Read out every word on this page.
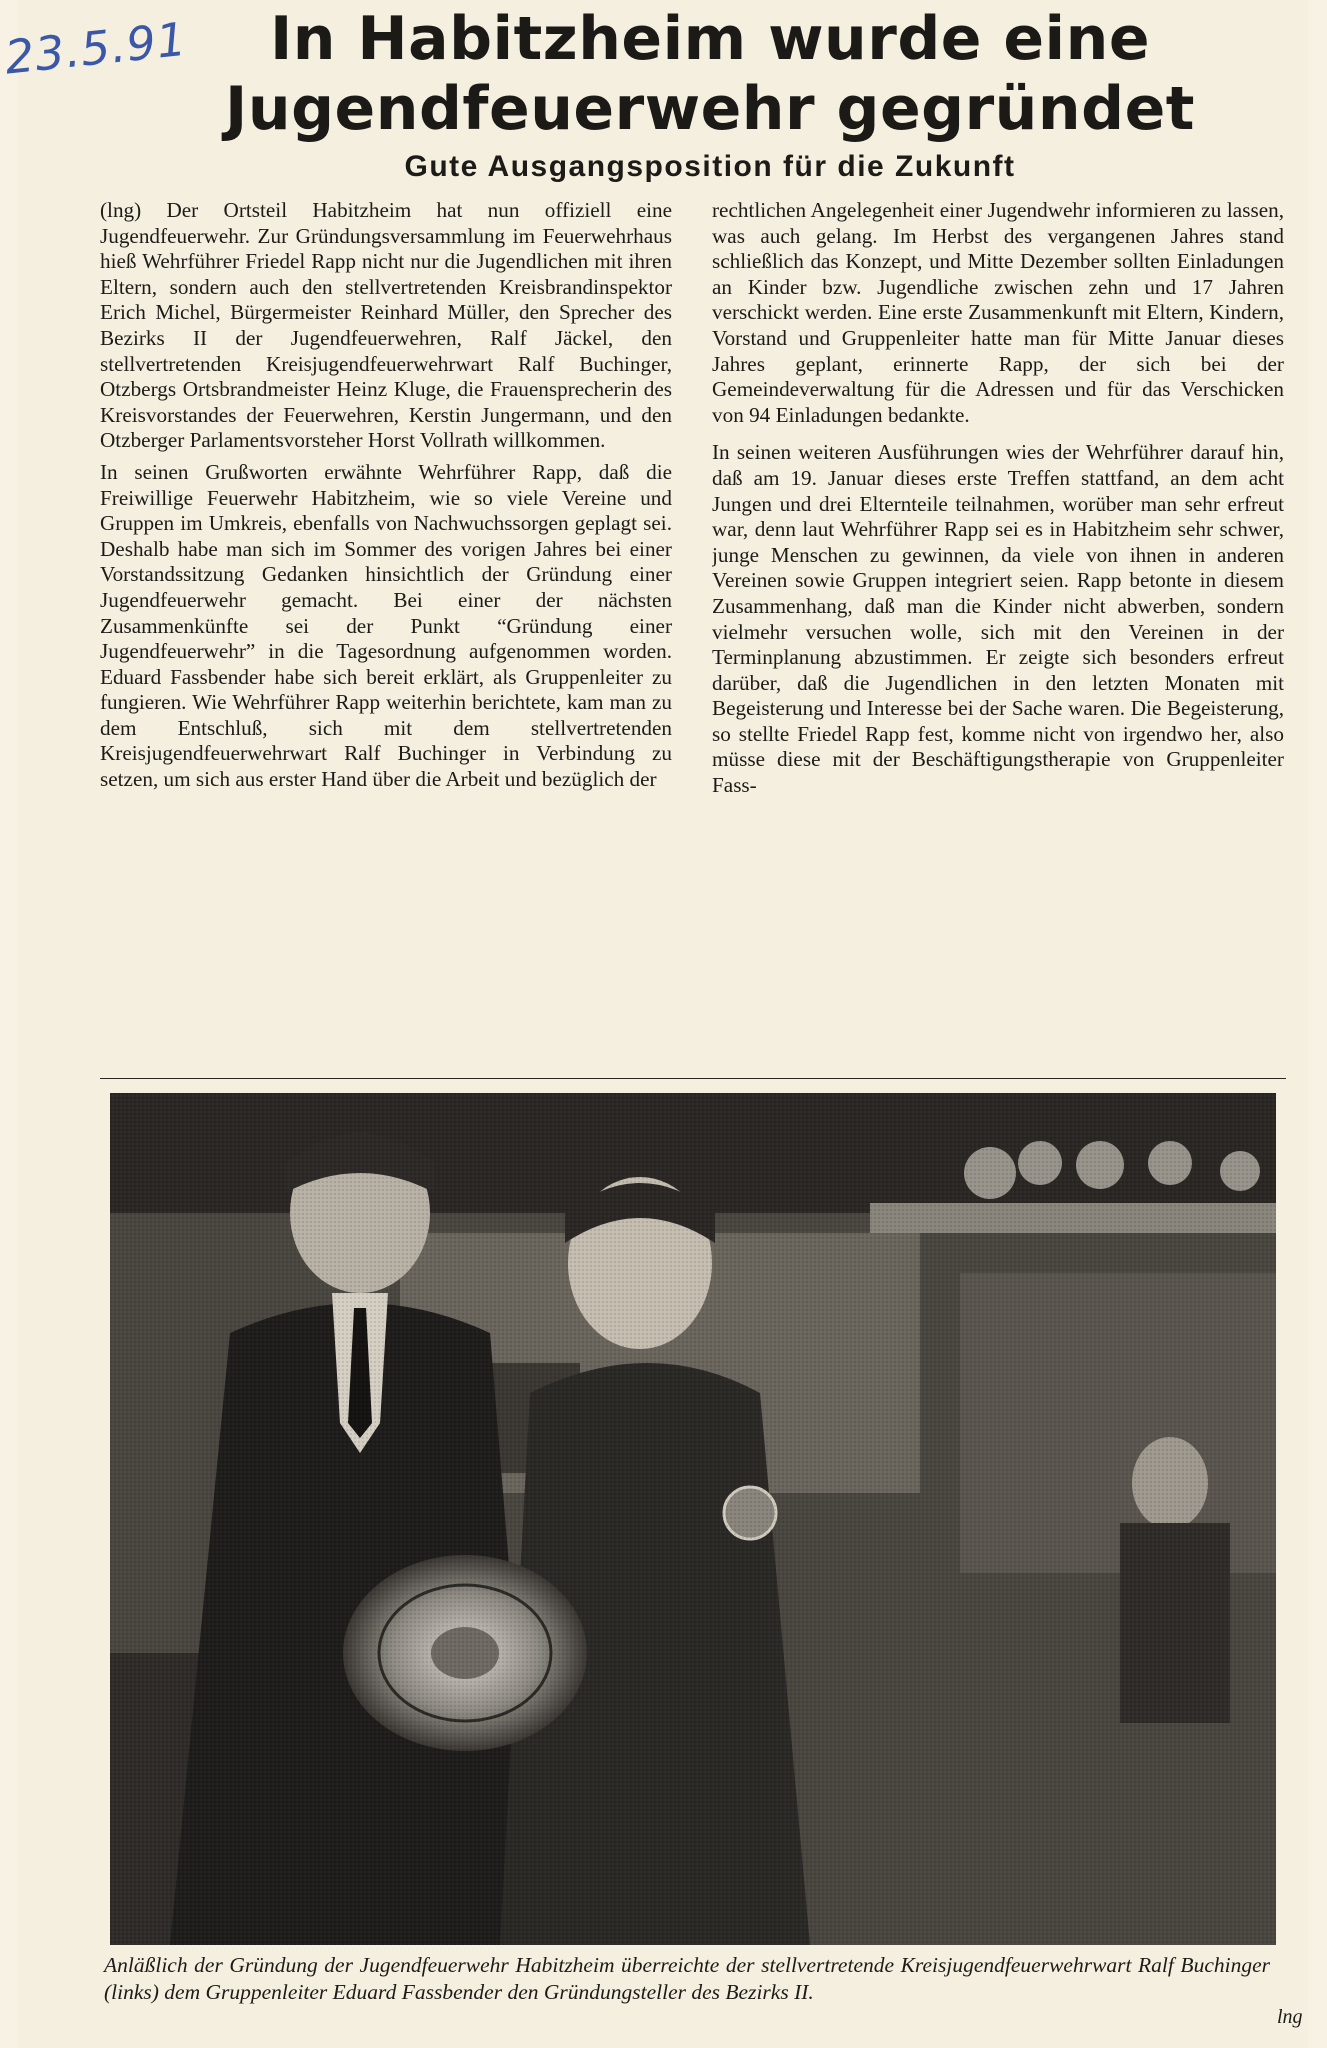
23.5.91	In Habitzheim wurde eine Jugendfeuerwehr gegründet
Gute Ausgangsposition für die Zukunft

(lng) Der Ortsteil Habitzheim hat nun offiziell eine Jugendfeuerwehr. Zur Gründungsversammlung im Feuerwehrhaus hieß Wehrführer Friedel Rapp nicht nur die Jugendlichen mit ihren Eltern, sondern auch den stellvertretenden Kreisbrandinspektor Erich Michel, Bürgermeister Reinhard Müller, den Sprecher des Bezirks II der Jugendfeuerwehren, Ralf Jäckel, den stellvertretenden Kreisjugendfeuerwehrwart Ralf Buchinger, Otzbergs Ortsbrandmeister Heinz Kluge, die Frauensprecherin des Kreisvorstandes der Feuerwehren, Kerstin Jungermann, und den Otzberger Parlamentsvorsteher Horst Vollrath willkommen.

In seinen Grußworten erwähnte Wehrführer Rapp, daß die Freiwillige Feuerwehr Habitzheim, wie so viele Vereine und Gruppen im Umkreis, ebenfalls von Nachwuchssorgen geplagt sei. Deshalb habe man sich im Sommer des vorigen Jahres bei einer Vorstandssitzung Gedanken hinsichtlich der Gründung einer Jugendfeuerwehr gemacht. Bei einer der nächsten Zusammenkünfte sei der Punkt “Gründung einer Jugendfeuerwehr” in die Tagesordnung aufgenommen worden. Eduard Fassbender habe sich bereit erklärt, als Gruppenleiter zu fungieren. Wie Wehrführer Rapp weiterhin berichtete, kam man zu dem Entschluß, sich mit dem stellvertretenden Kreisjugendfeuerwehrwart Ralf Buchinger in Verbindung zu setzen, um sich aus erster Hand über die Arbeit und bezüglich der

rechtlichen Angelegenheit einer Jugendwehr informieren zu lassen, was auch gelang. Im Herbst des vergangenen Jahres stand schließlich das Konzept, und Mitte Dezember sollten Einladungen an Kinder bzw. Jugendliche zwischen zehn und 17 Jahren verschickt werden. Eine erste Zusammenkunft mit Eltern, Kindern, Vorstand und Gruppenleiter hatte man für Mitte Januar dieses Jahres geplant, erinnerte Rapp, der sich bei der Gemeindeverwaltung für die Adressen und für das Verschicken von 94 Einladungen bedankte.

In seinen weiteren Ausführungen wies der Wehrführer darauf hin, daß am 19. Januar dieses erste Treffen stattfand, an dem acht Jungen und drei Elternteile teilnahmen, worüber man sehr erfreut war, denn laut Wehrführer Rapp sei es in Habitzheim sehr schwer, junge Menschen zu gewinnen, da viele von ihnen in anderen Vereinen sowie Gruppen integriert seien. Rapp betonte in diesem Zusammenhang, daß man die Kinder nicht abwerben, sondern vielmehr versuchen wolle, sich mit den Vereinen in der Terminplanung abzustimmen. Er zeigte sich besonders erfreut darüber, daß die Jugendlichen in den letzten Monaten mit Begeisterung und Interesse bei der Sache waren. Die Begeisterung, so stellte Friedel Rapp fest, komme nicht von irgendwo her, also müsse diese mit der Beschäftigungstherapie von Gruppenleiter Fass-

Anläßlich der Gründung der Jugendfeuerwehr Habitzheim überreichte der stellvertretende Kreisjugendfeuerwehrwart Ralf Buchinger (links) dem Gruppenleiter Eduard Fassbender den Gründungsteller des Bezirks II.

lng
